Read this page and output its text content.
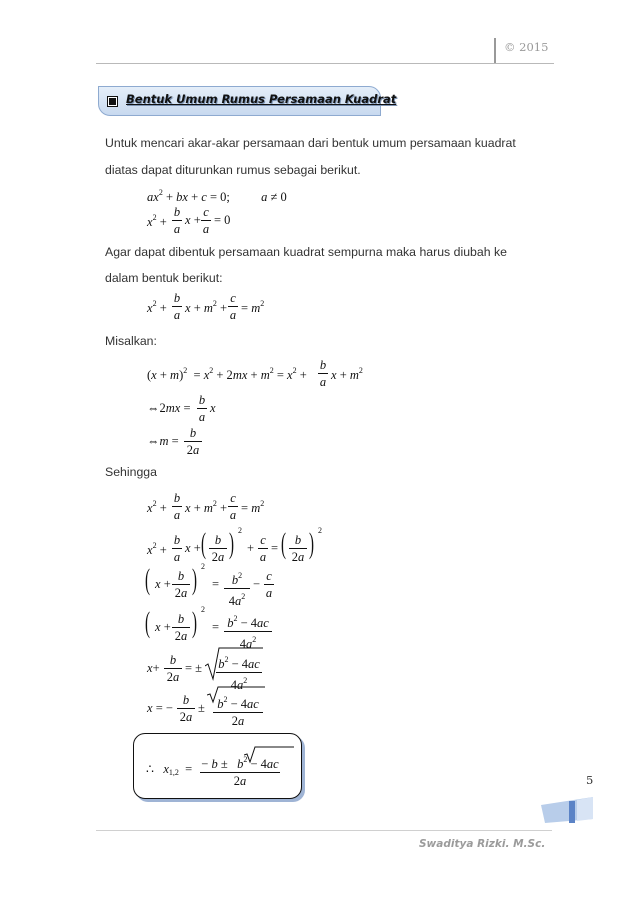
© 2015
Bentuk Umum Rumus Persamaan Kuadrat
Untuk mencari akar-akar persamaan dari bentuk umum persamaan kuadrat
diatas dapat diturunkan rumus sebagai berikut.
$ax^2$ + bx + c = 0;          a ≠ 0
$x^2$ +
b
a
x +
c
a
= 0
Agar dapat dibentuk persamaan kuadrat sempurna maka harus diubah ke
dalam bentuk berikut:
$x^2$ +
b
a $x + m^2$ +
c
$a = m^2$
Misalkan:
$(x + m)^2 = x^2 + 2mx + m^2 = x^2$ +
b
a $x + m^2$
⇔2mx =
b
a
x
⇔m =
b
2a
Sehingga
$x^2$ +
b
a $x + m^2$ +
c
$a = m^2$
$x^2$ +
b
a
x + ( b
2a ) 2
+
c
a
= ( b
2a ) 2
( x +
b
2a ) 2
=	$b^2$
$4a^2$
−
c
a
( x +
b
2a ) 2
= $b^2 - 4ac$
$4a^2$
x+
b
2a
= ± $b^2 - 4ac$
$4a^2$
x = −
b
2a
± $b^2 - 4ac$
2a
∴   $x_{1,2}$  = − $b \pm b^2 - 4ac$
2a	5
Swaditya Rizki. M.Sc.
